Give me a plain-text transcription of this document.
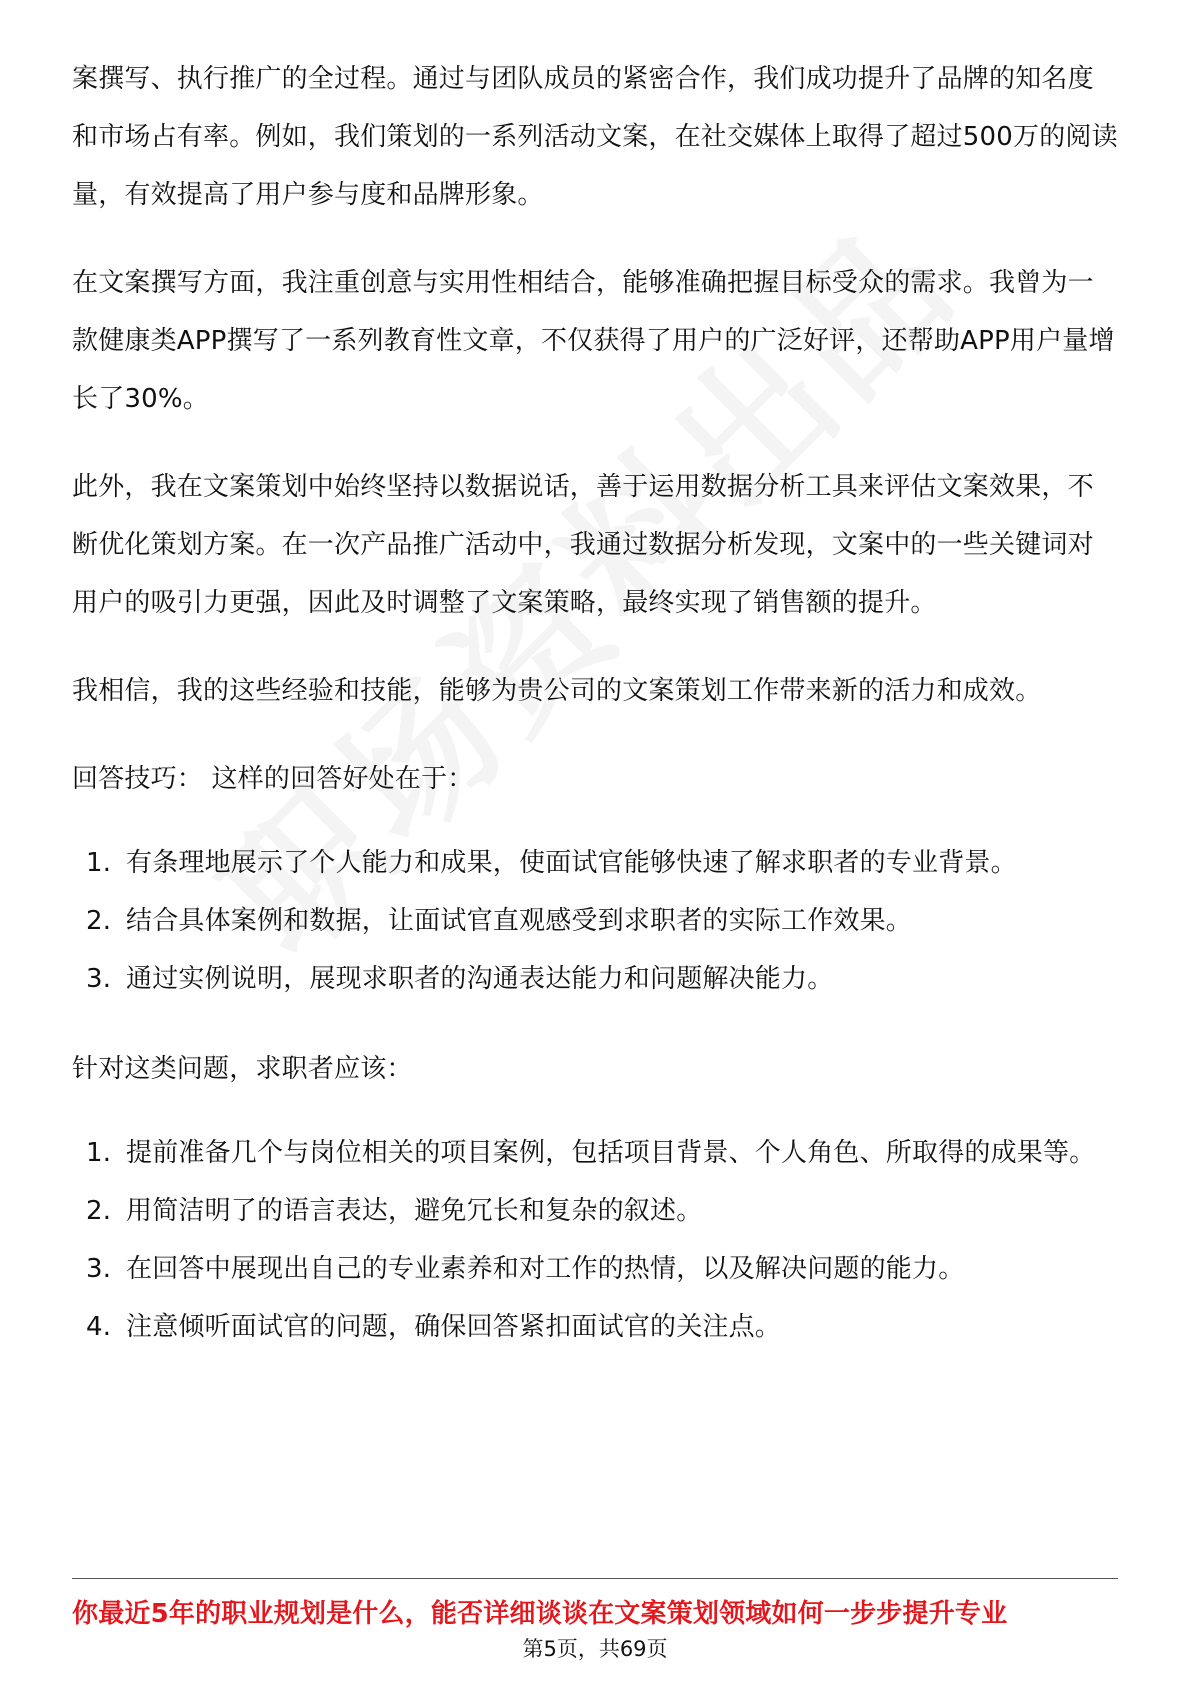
案撰写、执行推广的全过程。通过与团队成员的紧密合作，我们成功提升了品牌的知名度和市场占有率。例如，我们策划的一系列活动文案，在社交媒体上取得了超过500万的阅读量，有效提高了用户参与度和品牌形象。

在文案撰写方面，我注重创意与实用性相结合，能够准确把握目标受众的需求。我曾为一款健康类APP撰写了一系列教育性文章，不仅获得了用户的广泛好评，还帮助APP用户量增长了30%。

此外，我在文案策划中始终坚持以数据说话，善于运用数据分析工具来评估文案效果，不断优化策划方案。在一次产品推广活动中，我通过数据分析发现，文案中的一些关键词对用户的吸引力更强，因此及时调整了文案策略，最终实现了销售额的提升。

我相信，我的这些经验和技能，能够为贵公司的文案策划工作带来新的活力和成效。

回答技巧： 这样的回答好处在于：

1. 有条理地展示了个人能力和成果，使面试官能够快速了解求职者的专业背景。
2. 结合具体案例和数据，让面试官直观感受到求职者的实际工作效果。
3. 通过实例说明，展现求职者的沟通表达能力和问题解决能力。

针对这类问题，求职者应该：

1. 提前准备几个与岗位相关的项目案例，包括项目背景、个人角色、所取得的成果等。
2. 用简洁明了的语言表达，避免冗长和复杂的叙述。
3. 在回答中展现出自己的专业素养和对工作的热情，以及解决问题的能力。
4. 注意倾听面试官的问题，确保回答紧扣面试官的关注点。
你最近5年的职业规划是什么，能否详细谈谈在文案策划领域如何一步步提升专业
第5页，共69页
